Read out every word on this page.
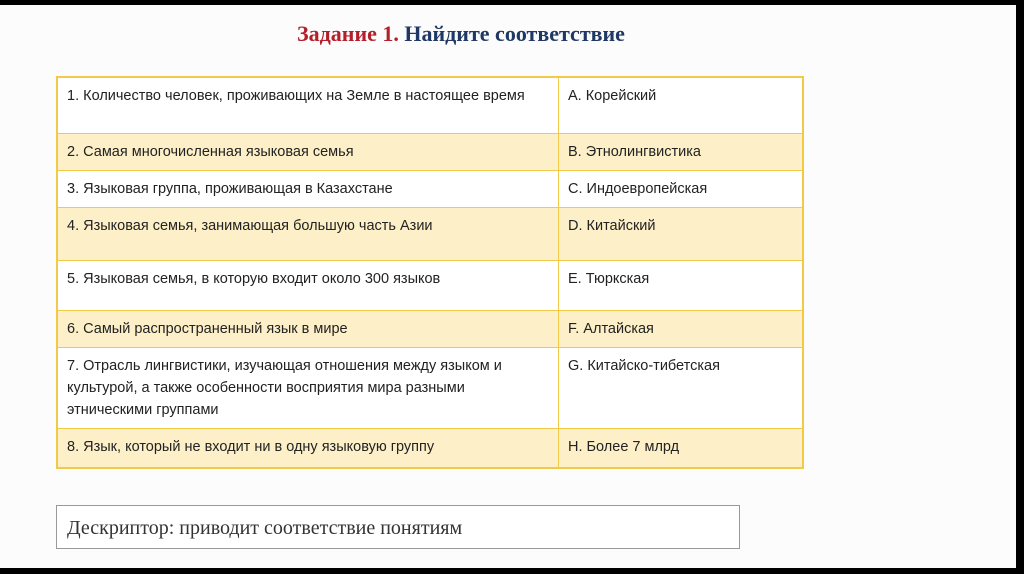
Задание 1. Найдите соответствие
1. Количество человек, проживающих на Земле в настоящее время	A. Корейский
2. Самая многочисленная языковая семья	B. Этнолингвистика
3. Языковая группа, проживающая в Казахстане	C. Индоевропейская
4. Языковая семья, занимающая большую часть Азии	D. Китайский
5. Языковая семья, в которую входит около 300 языков	E. Тюркская
6. Самый распространенный язык в мире	F. Алтайская
7. Отрасль лингвистики, изучающая отношения между языком и культурой, а также особенности восприятия мира разными этническими группами	G. Китайско-тибетская
8. Язык, который не входит ни в одну языковую группу	H. Более 7 млрд
Дескриптор: приводит соответствие понятиям
